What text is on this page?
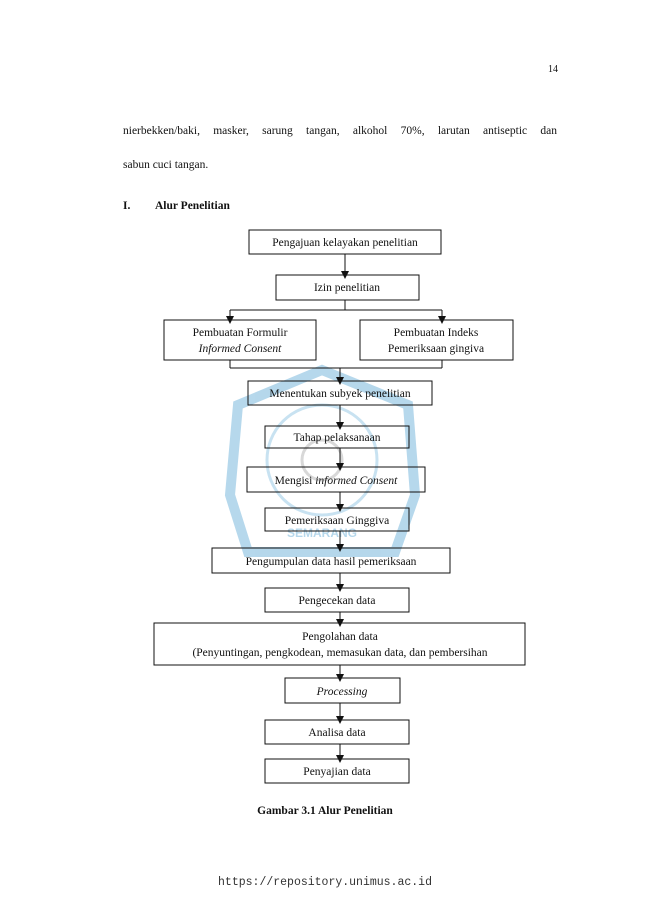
14
nierbekken/baki, masker, sarung tangan, alkohol 70%, larutan antiseptic dan
sabun cuci tangan.
I. Alur Penelitian
SEMARANG
Pengajuan kelayakan penelitian
Izin penelitian
Pembuatan Formulir
Informed Consent
Pembuatan Indeks
Pemeriksaan gingiva
Menentukan subyek penelitian
Tahap pelaksanaan
Mengisi informed Consent
Pemeriksaan Ginggiva
Pengumpulan data hasil pemeriksaan
Pengecekan data
Pengolahan data
(Penyuntingan, pengkodean, memasukan data, dan pembersihan
Processing
Analisa data
Penyajian data
Gambar 3.1 Alur Penelitian
https://repository.unimus.ac.id
